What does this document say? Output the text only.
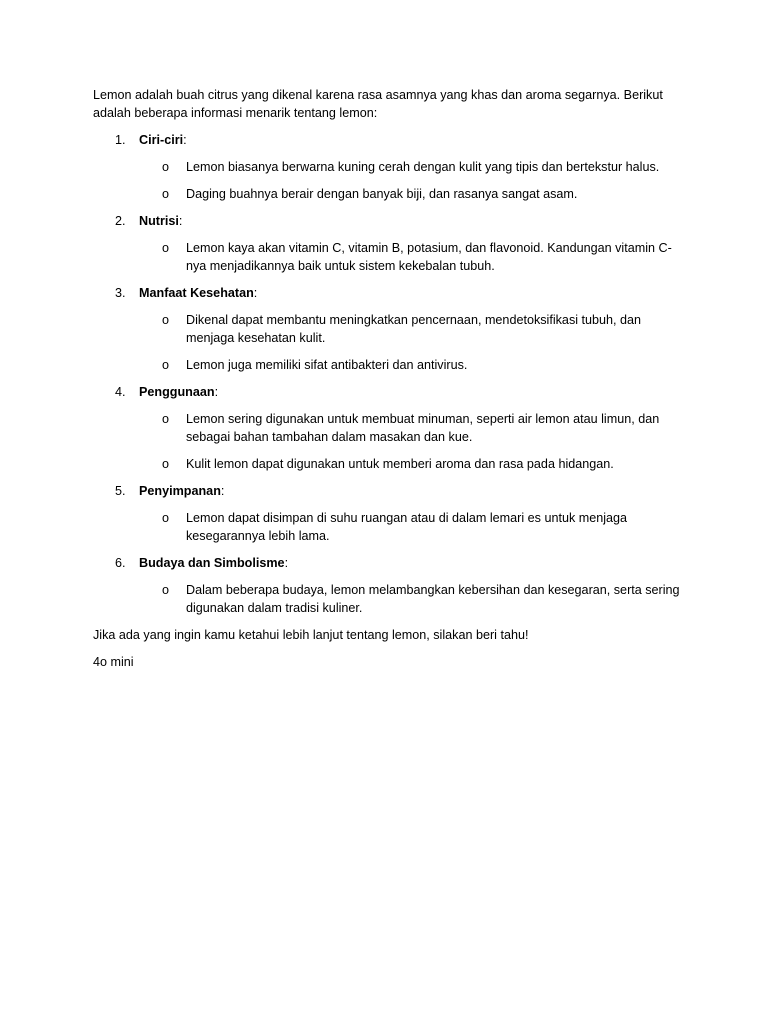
Lemon adalah buah citrus yang dikenal karena rasa asamnya yang khas dan aroma segarnya. Berikut adalah beberapa informasi menarik tentang lemon:

1. Ciri-ciri:
o Lemon biasanya berwarna kuning cerah dengan kulit yang tipis dan bertekstur halus.
o Daging buahnya berair dengan banyak biji, dan rasanya sangat asam.
2. Nutrisi:
o Lemon kaya akan vitamin C, vitamin B, potasium, dan flavonoid. Kandungan vitamin C-nya menjadikannya baik untuk sistem kekebalan tubuh.
3. Manfaat Kesehatan:
o Dikenal dapat membantu meningkatkan pencernaan, mendetoksifikasi tubuh, dan menjaga kesehatan kulit.
o Lemon juga memiliki sifat antibakteri dan antivirus.
4. Penggunaan:
o Lemon sering digunakan untuk membuat minuman, seperti air lemon atau limun, dan sebagai bahan tambahan dalam masakan dan kue.
o Kulit lemon dapat digunakan untuk memberi aroma dan rasa pada hidangan.
5. Penyimpanan:
o Lemon dapat disimpan di suhu ruangan atau di dalam lemari es untuk menjaga kesegarannya lebih lama.
6. Budaya dan Simbolisme:
o Dalam beberapa budaya, lemon melambangkan kebersihan dan kesegaran, serta sering digunakan dalam tradisi kuliner.

Jika ada yang ingin kamu ketahui lebih lanjut tentang lemon, silakan beri tahu!

4o mini
